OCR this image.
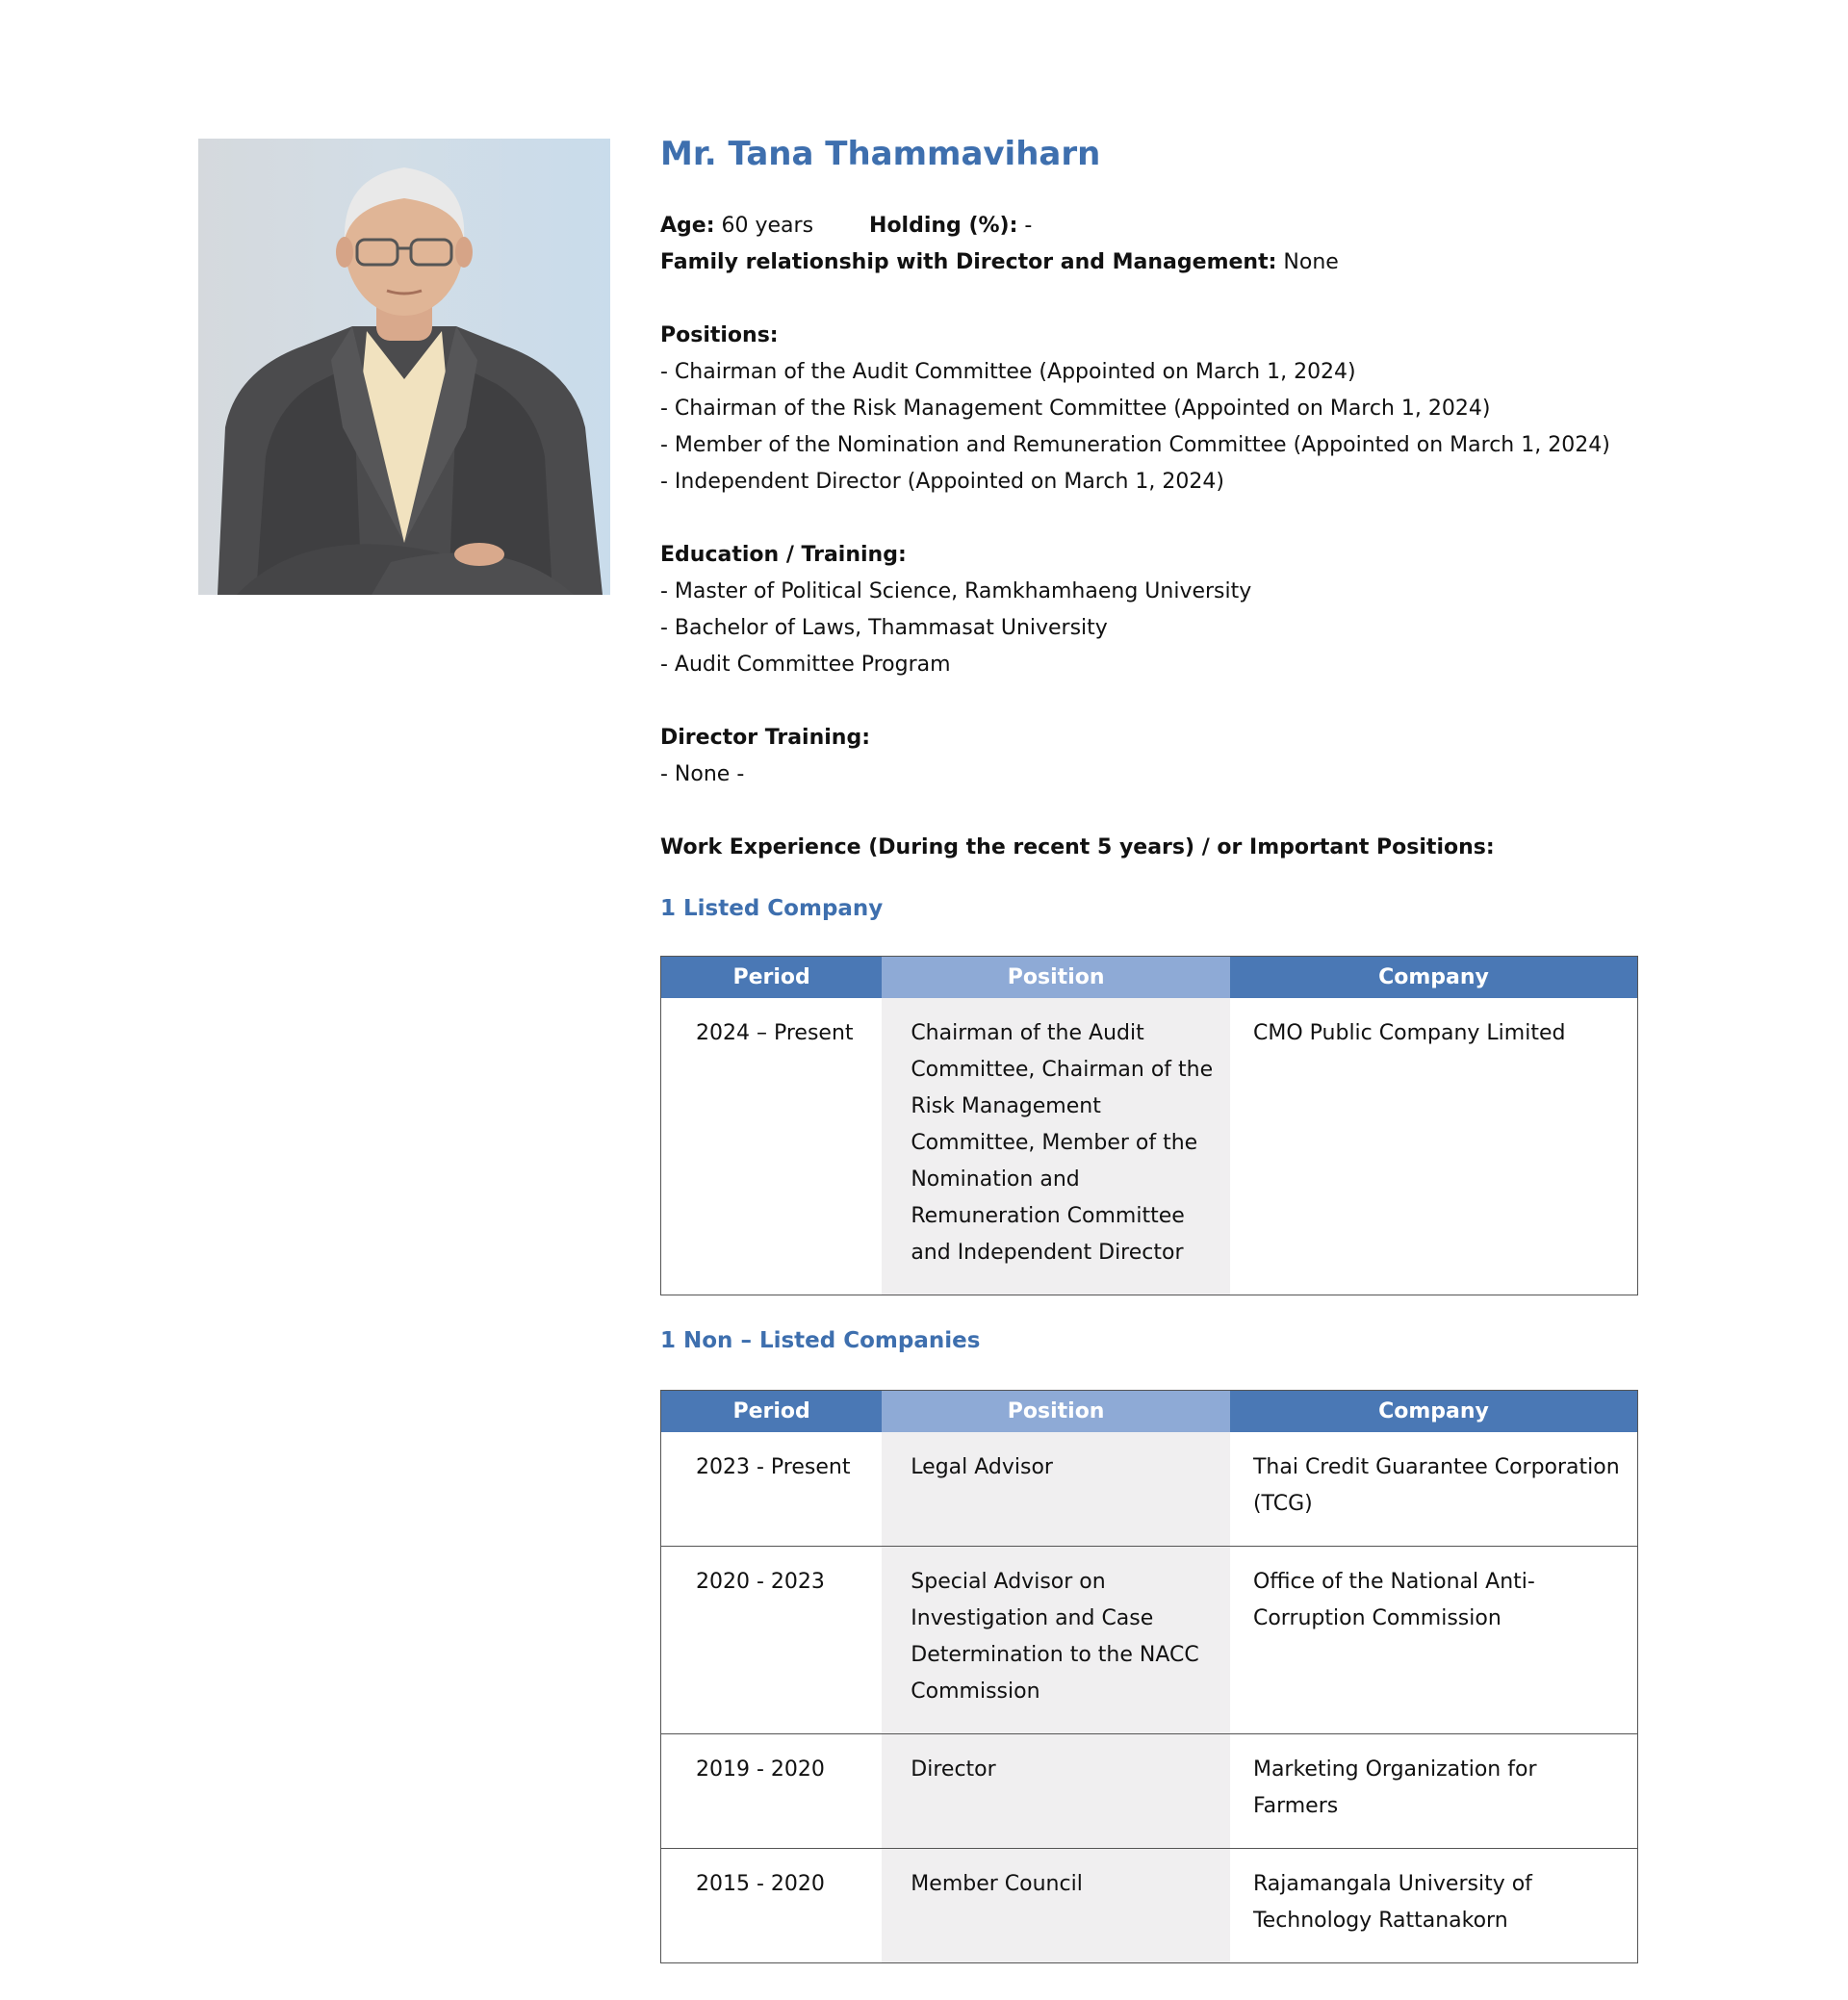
Mr. Tana Thammaviharn

Age: 60 years	Holding (%): -

Family relationship with Director and Management: None

Positions:

- Chairman of the Audit Committee (Appointed on March 1, 2024)

- Chairman of the Risk Management Committee (Appointed on March 1, 2024)

- Member of the Nomination and Remuneration Committee (Appointed on March 1, 2024)

- Independent Director (Appointed on March 1, 2024)

Education / Training:

- Master of Political Science, Ramkhamhaeng University

- Bachelor of Laws, Thammasat University

- Audit Committee Program

Director Training:

- None -

Work Experience (During the recent 5 years) / or Important Positions:

1 Listed Company

Period	Position	Company
2024 – Present	Chairman of the Audit Committee, Chairman of the Risk Management Committee, Member of the Nomination and Remuneration Committee and Independent Director	CMO Public Company Limited

1 Non – Listed Companies

Period	Position	Company
2023 - Present	Legal Advisor	Thai Credit Guarantee Corporation (TCG)
2020 - 2023	Special Advisor on Investigation and Case Determination to the NACC Commission	Office of the National Anti-Corruption Commission
2019 - 2020	Director	Marketing Organization for Farmers
2015 - 2020	Member Council	Rajamangala University of Technology Rattanakorn
